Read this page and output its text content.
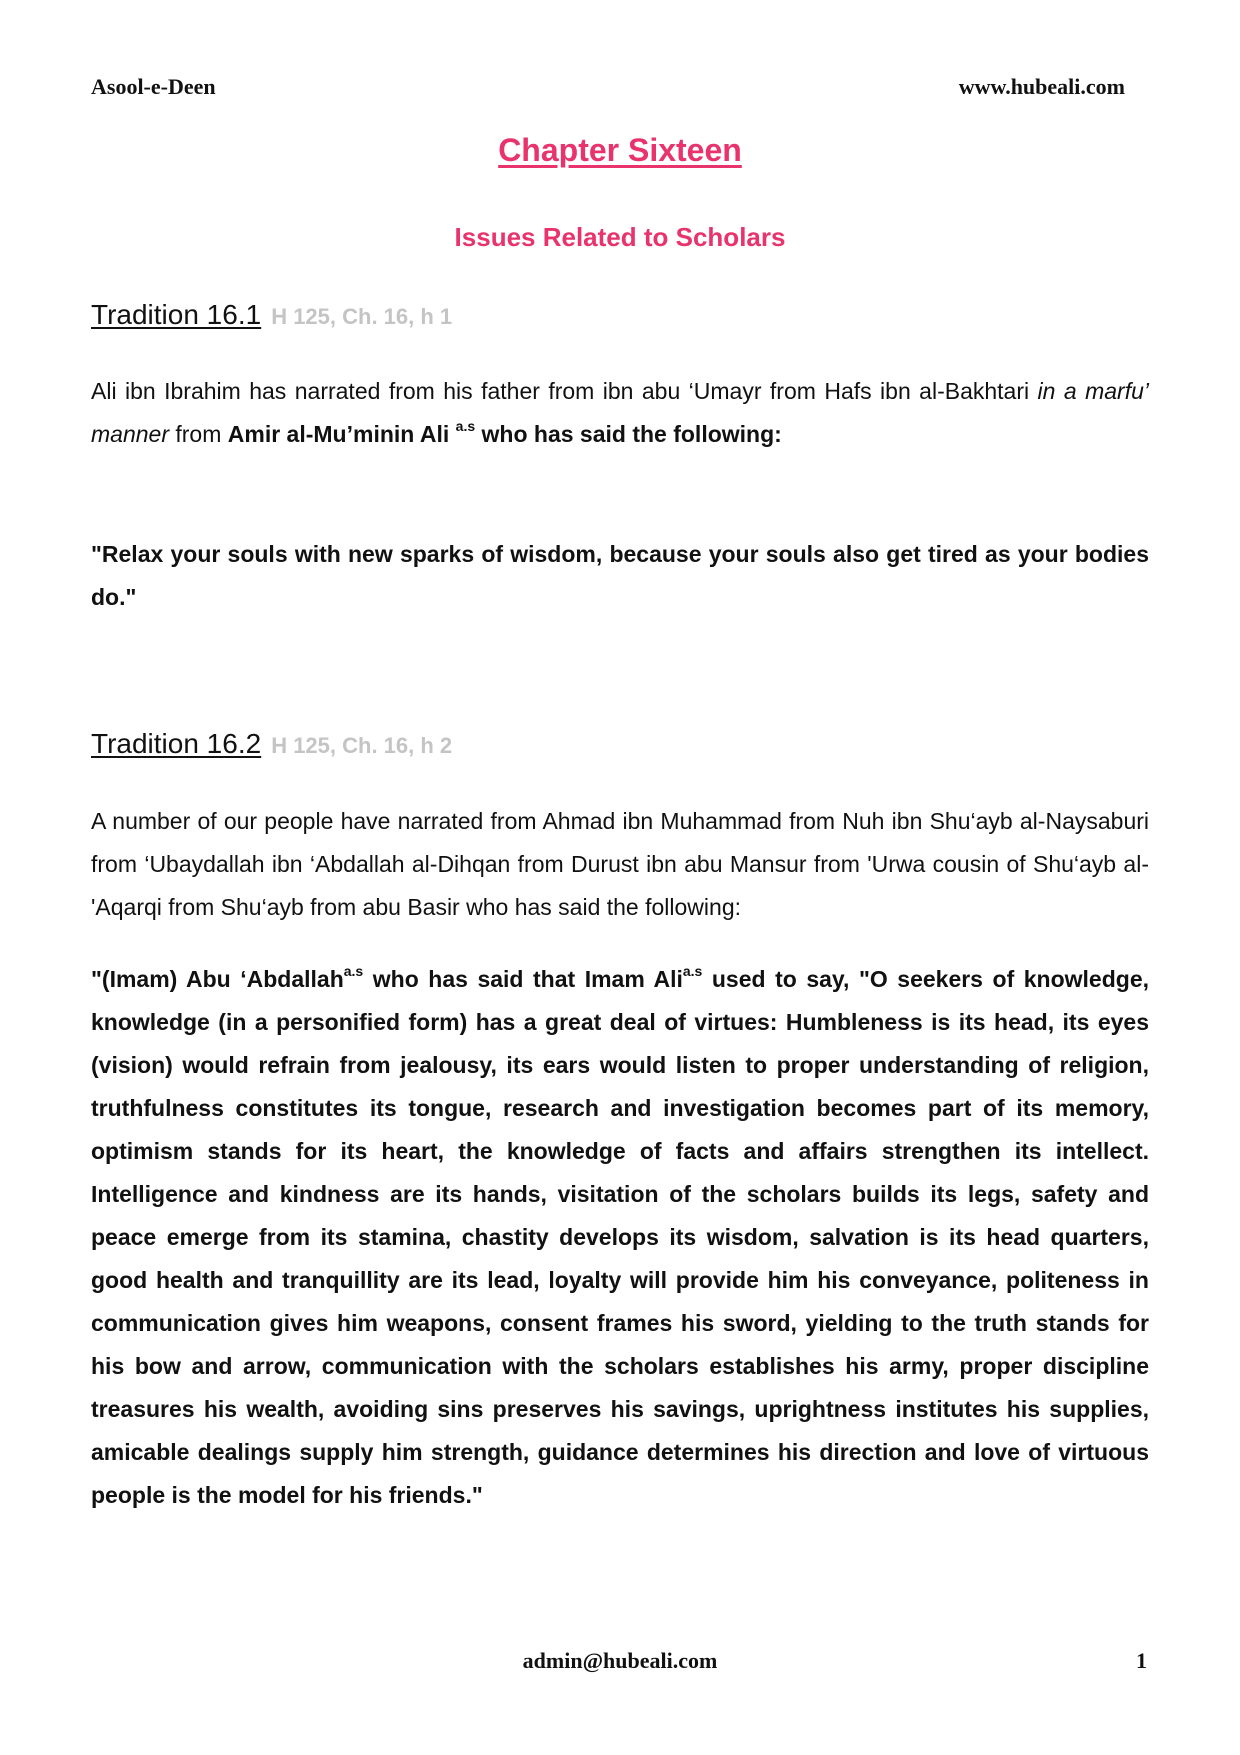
Asool-e-Deen	www.hubeali.com
Chapter Sixteen
Issues Related to Scholars
Tradition 16.1 H 125, Ch. 16, h 1

Ali ibn Ibrahim has narrated from his father from ibn abu ‘Umayr from Hafs ibn al-Bakhtari in a marfu’ manner from Amir al-Mu’minin Ali $^{a.s}$ who has said the following:

"Relax your souls with new sparks of wisdom, because your souls also get tired as your bodies do."

Tradition 16.2 H 125, Ch. 16, h 2

A number of our people have narrated from Ahmad ibn Muhammad from Nuh ibn Shu‘ayb al-Naysaburi from ‘Ubaydallah ibn ‘Abdallah al-Dihqan from Durust ibn abu Mansur from 'Urwa cousin of Shu‘ayb al-'Aqarqi from Shu‘ayb from abu Basir who has said the following:

"(Imam) Abu ‘Abdallah$^{a.s}$ who has said that Imam Ali$^{a.s}$ used to say, "O seekers of knowledge, knowledge (in a personified form) has a great deal of virtues: Humbleness is its head, its eyes (vision) would refrain from jealousy, its ears would listen to proper understanding of religion, truthfulness constitutes its tongue, research and investigation becomes part of its memory, optimism stands for its heart, the knowledge of facts and affairs strengthen its intellect. Intelligence and kindness are its hands, visitation of the scholars builds its legs, safety and peace emerge from its stamina, chastity develops its wisdom, salvation is its head quarters, good health and tranquillity are its lead, loyalty will provide him his conveyance, politeness in communication gives him weapons, consent frames his sword, yielding to the truth stands for his bow and arrow, communication with the scholars establishes his army, proper discipline treasures his wealth, avoiding sins preserves his savings, uprightness institutes his supplies, amicable dealings supply him strength, guidance determines his direction and love of virtuous people is the model for his friends."

admin@hubeali.com	1
